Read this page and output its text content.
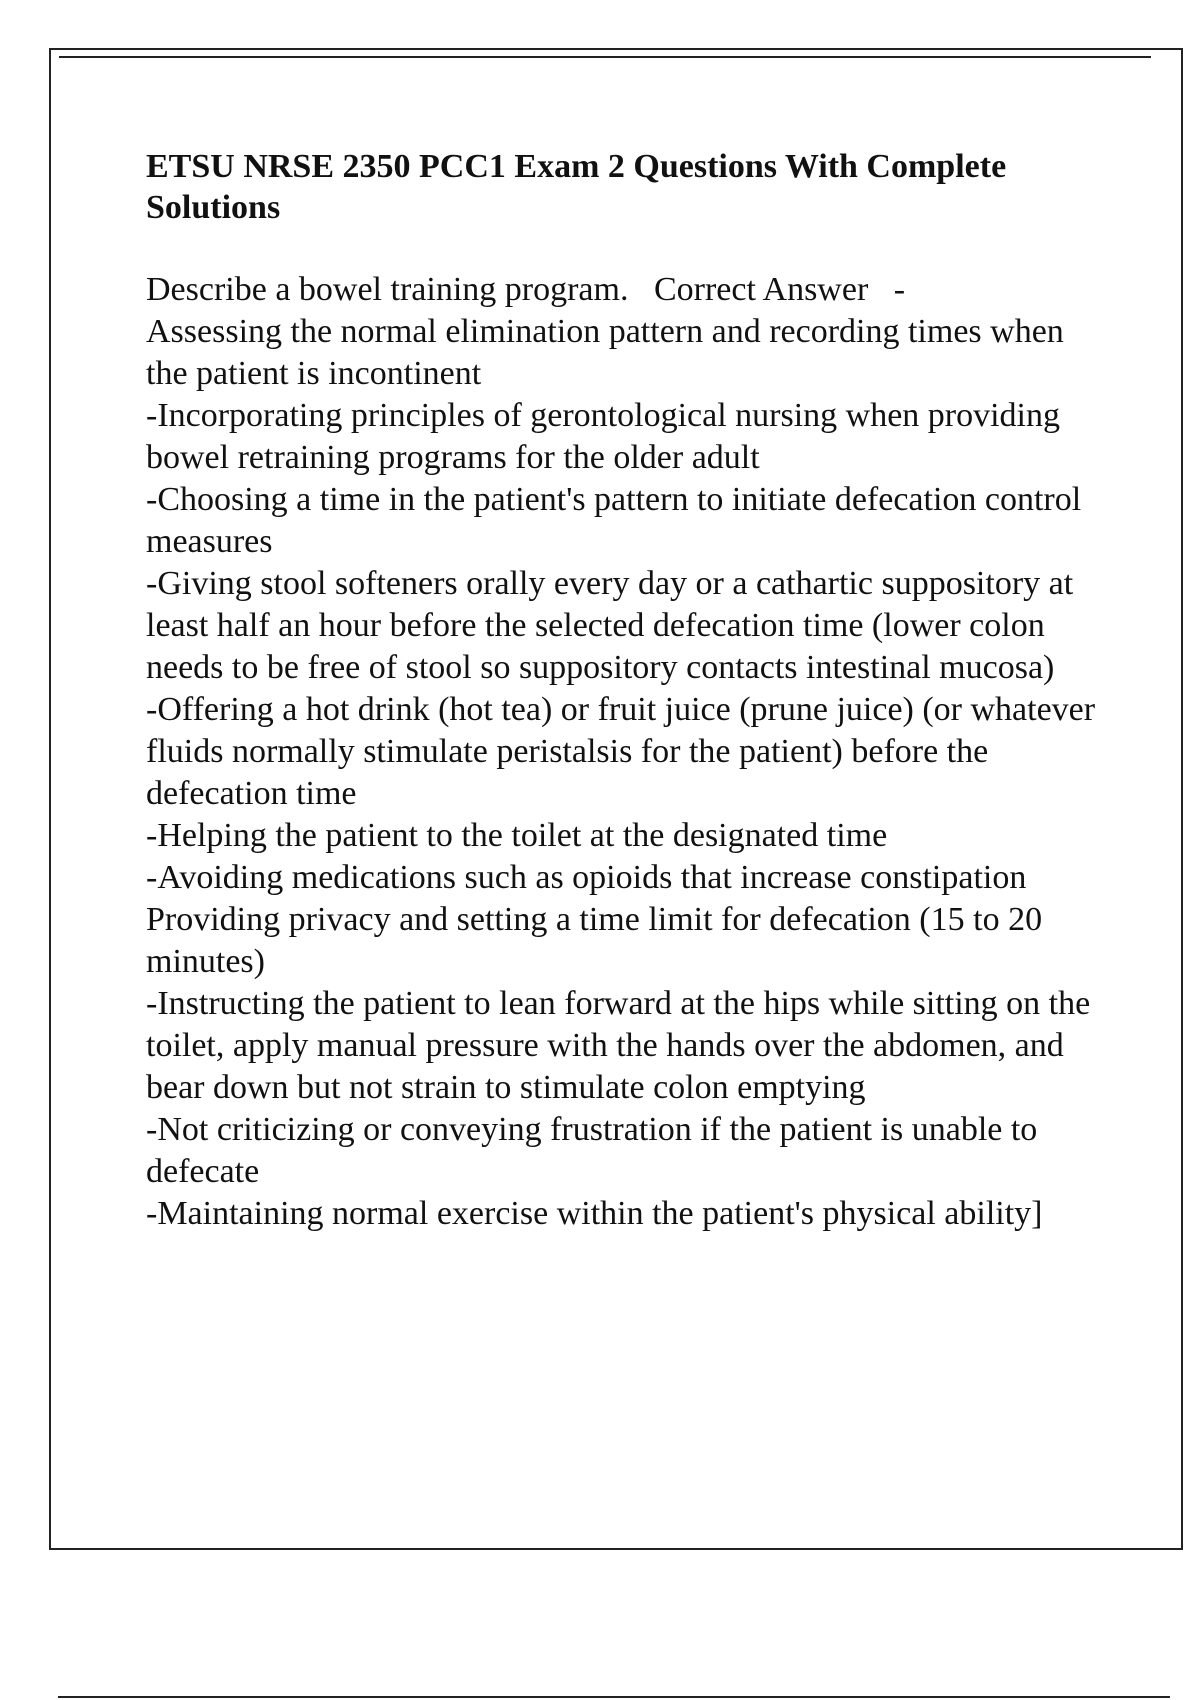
ETSU NRSE 2350 PCC1 Exam 2 Questions With Complete Solutions

Describe a bowel training program.   Correct Answer   -

Assessing the normal elimination pattern and recording times when the patient is incontinent
-Incorporating principles of gerontological nursing when providing bowel retraining programs for the older adult
-Choosing a time in the patient's pattern to initiate defecation control measures
-Giving stool softeners orally every day or a cathartic suppository at least half an hour before the selected defecation time (lower colon needs to be free of stool so suppository contacts intestinal mucosa)
-Offering a hot drink (hot tea) or fruit juice (prune juice) (or whatever fluids normally stimulate peristalsis for the patient) before the defecation time
-Helping the patient to the toilet at the designated time
-Avoiding medications such as opioids that increase constipation
Providing privacy and setting a time limit for defecation (15 to 20 minutes)
-Instructing the patient to lean forward at the hips while sitting on the toilet, apply manual pressure with the hands over the abdomen, and bear down but not strain to stimulate colon emptying
-Not criticizing or conveying frustration if the patient is unable to defecate
-Maintaining normal exercise within the patient's physical ability]
